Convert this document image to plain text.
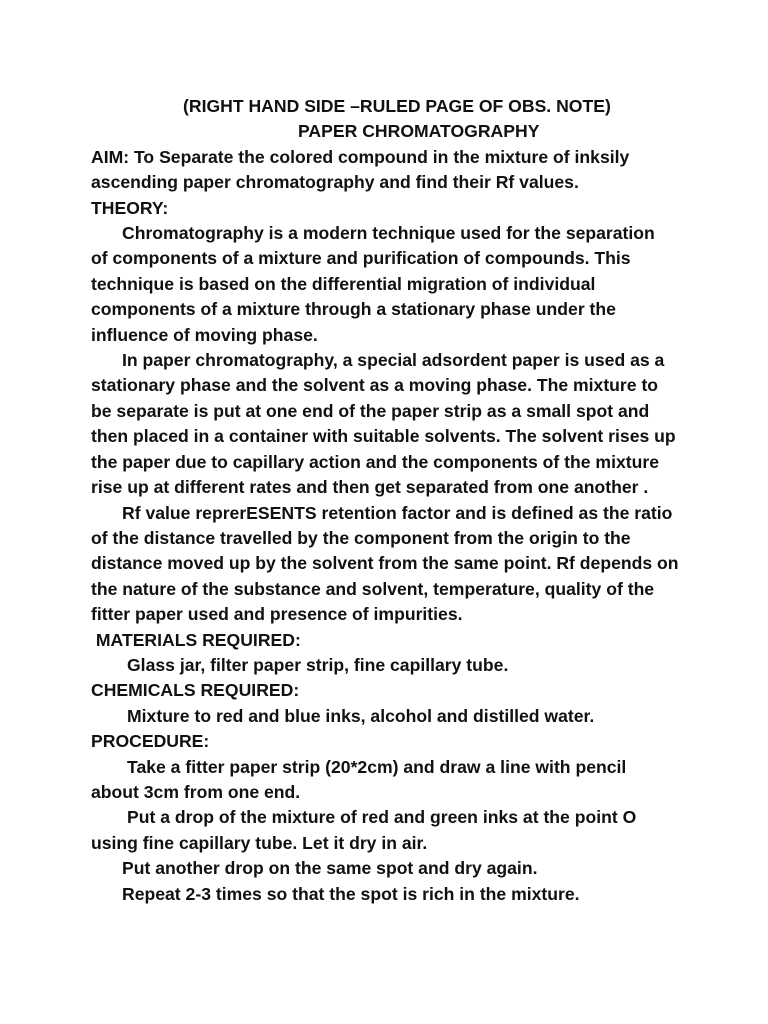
(RIGHT HAND SIDE –RULED PAGE OF OBS. NOTE)
PAPER CHROMATOGRAPHY
AIM: To Separate the colored compound in the mixture of inksily
ascending paper chromatography and find their Rf values.
THEORY:
Chromatography is a modern technique used for the separation
of components of a mixture and purification of compounds. This
technique is based on the differential migration of individual
components of a mixture through a stationary phase under the
influence of moving phase.
In paper chromatography, a special adsordent paper is used as a
stationary phase and the solvent as a moving phase. The mixture to
be separate is put at one end of the paper strip as a small spot and
then placed in a container with suitable solvents. The solvent rises up
the paper due to capillary action and the components of the mixture
rise up at different rates and then get separated from one another .
Rf value reprerESENTS retention factor and is defined as the ratio
of the distance travelled by the component from the origin to the
distance moved up by the solvent from the same point. Rf depends on
the nature of the substance and solvent, temperature, quality of the
fitter paper used and presence of impurities.
MATERIALS REQUIRED:
Glass jar, filter paper strip, fine capillary tube.
CHEMICALS REQUIRED:
Mixture to red and blue inks, alcohol and distilled water.
PROCEDURE:
Take a fitter paper strip (20*2cm) and draw a line with pencil
about 3cm from one end.
Put a drop of the mixture of red and green inks at the point O
using fine capillary tube. Let it dry in air.
Put another drop on the same spot and dry again.
Repeat 2-3 times so that the spot is rich in the mixture.
